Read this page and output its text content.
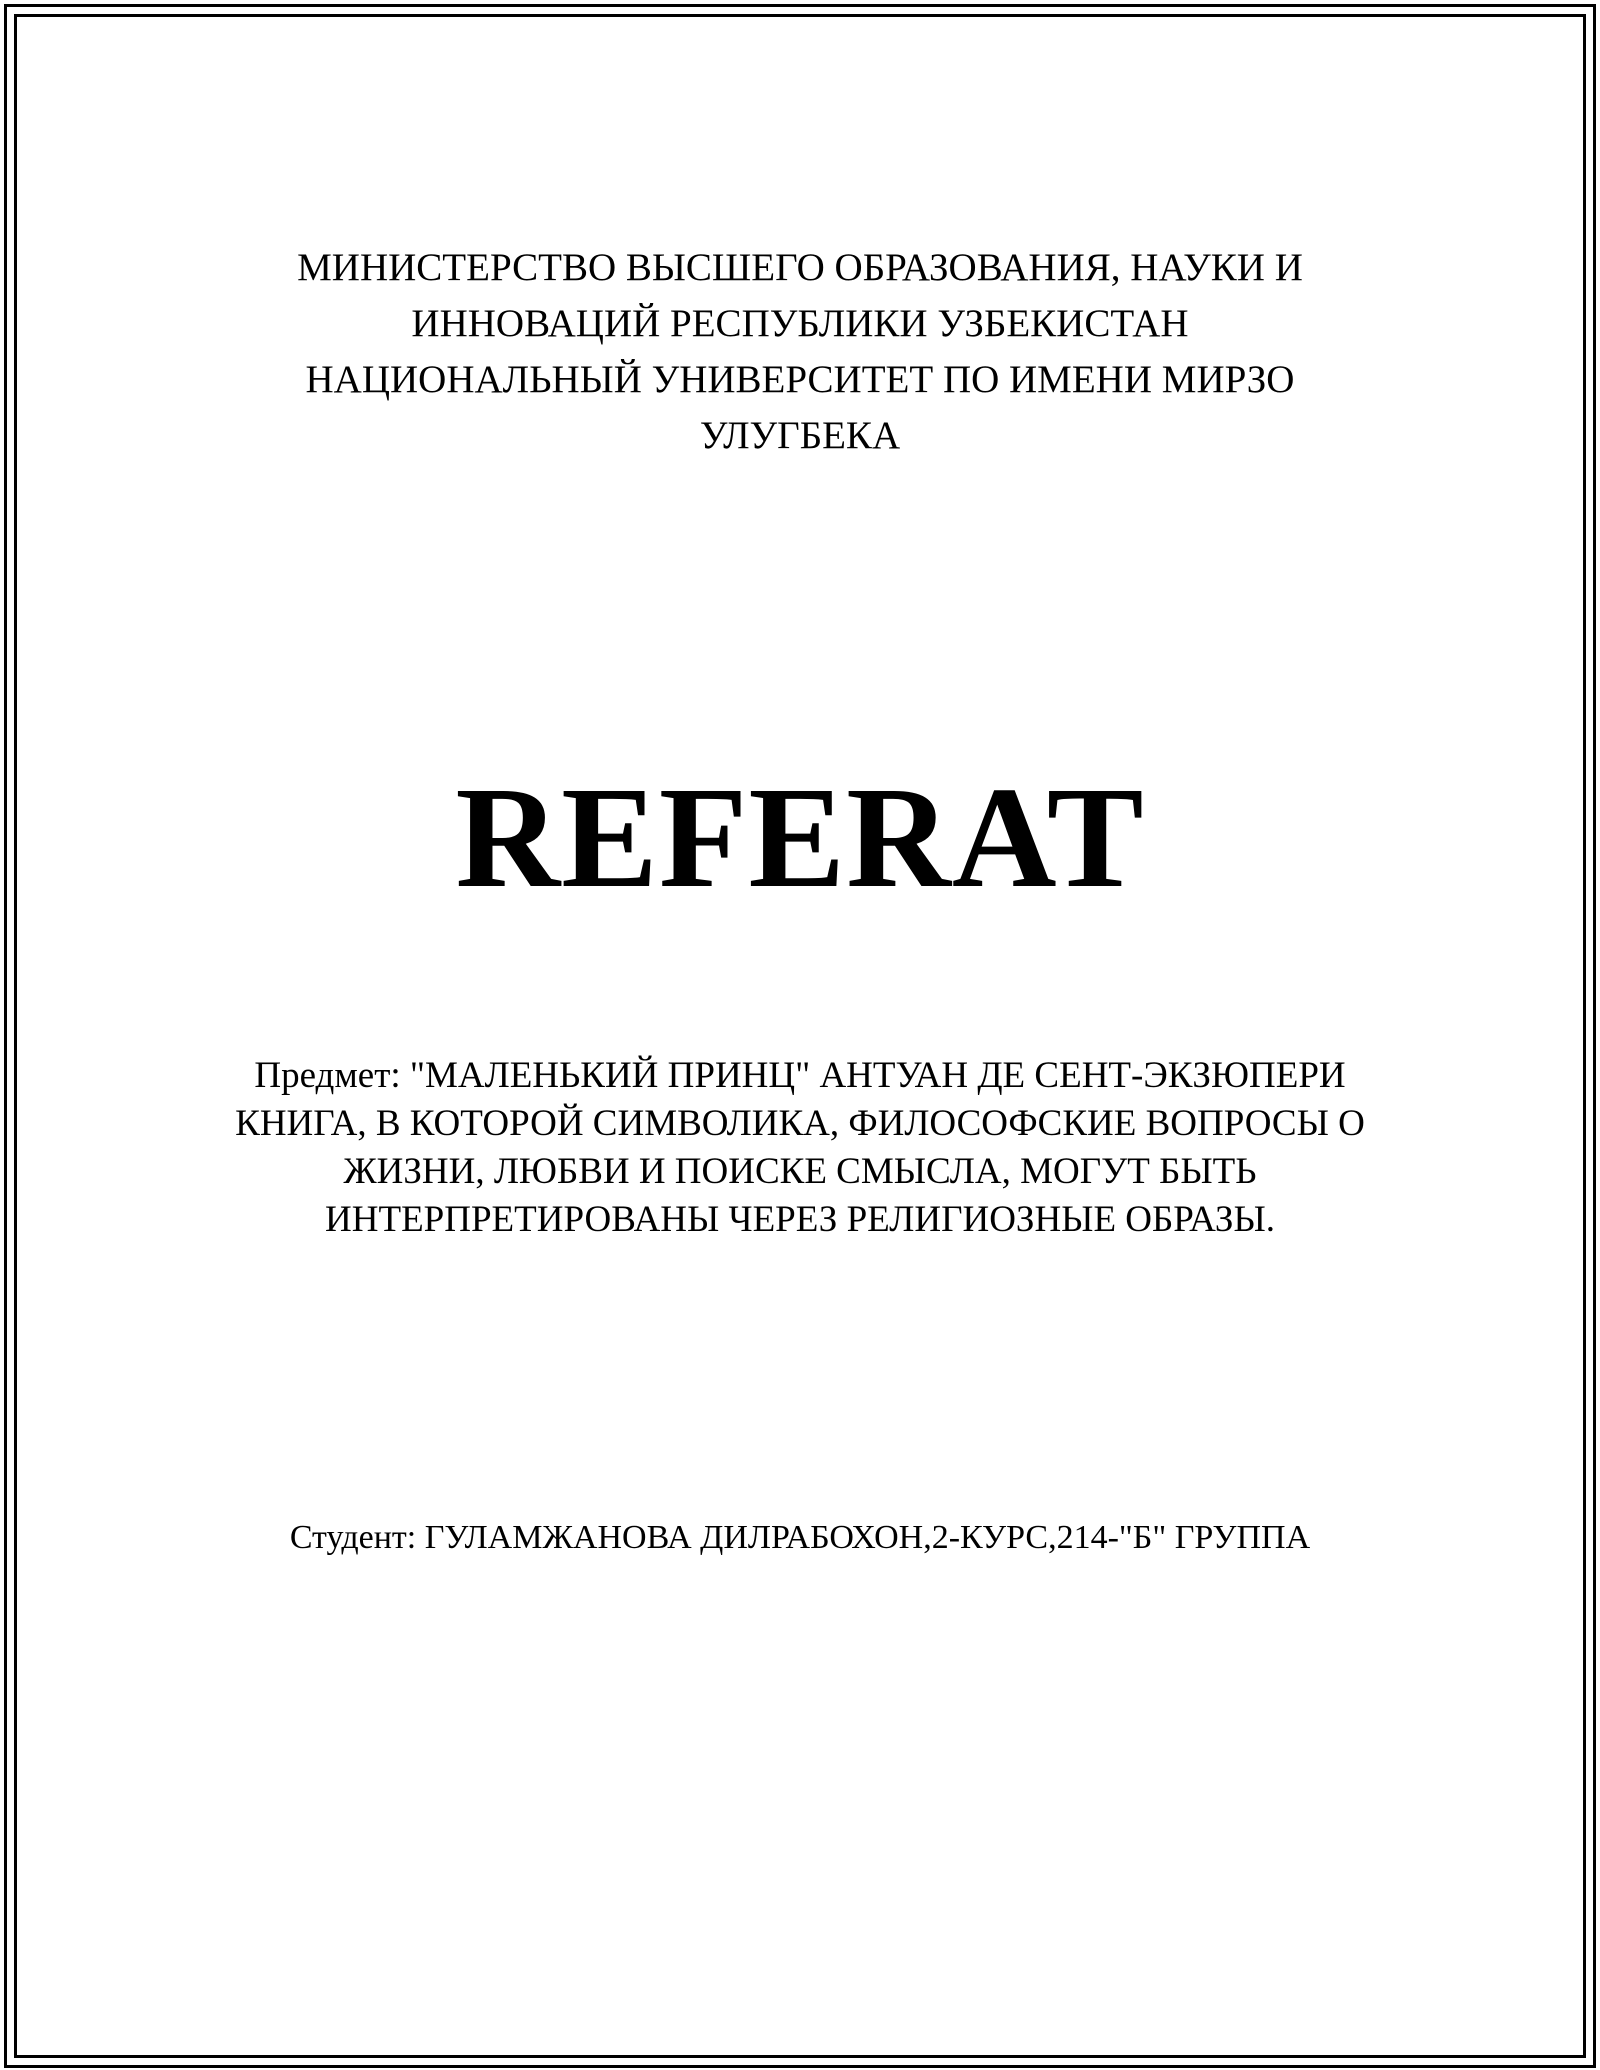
МИНИСТЕРСТВО ВЫСШЕГО ОБРАЗОВАНИЯ, НАУКИ И
ИННОВАЦИЙ РЕСПУБЛИКИ УЗБЕКИСТАН
НАЦИОНАЛЬНЫЙ УНИВЕРСИТЕТ ПО ИМЕНИ МИРЗО
УЛУГБЕКА
REFERAT
Предмет: "МАЛЕНЬКИЙ ПРИНЦ" АНТУАН ДЕ СЕНТ-ЭКЗЮПЕРИ
КНИГА, В КОТОРОЙ СИМВОЛИКА, ФИЛОСОФСКИЕ ВОПРОСЫ О
ЖИЗНИ, ЛЮБВИ И ПОИСКЕ СМЫСЛА, МОГУТ БЫТЬ
ИНТЕРПРЕТИРОВАНЫ ЧЕРЕЗ РЕЛИГИОЗНЫЕ ОБРАЗЫ.
Студент: ГУЛАМЖАНОВА ДИЛРАБОХОН,2-КУРС,214-"Б" ГРУППА
